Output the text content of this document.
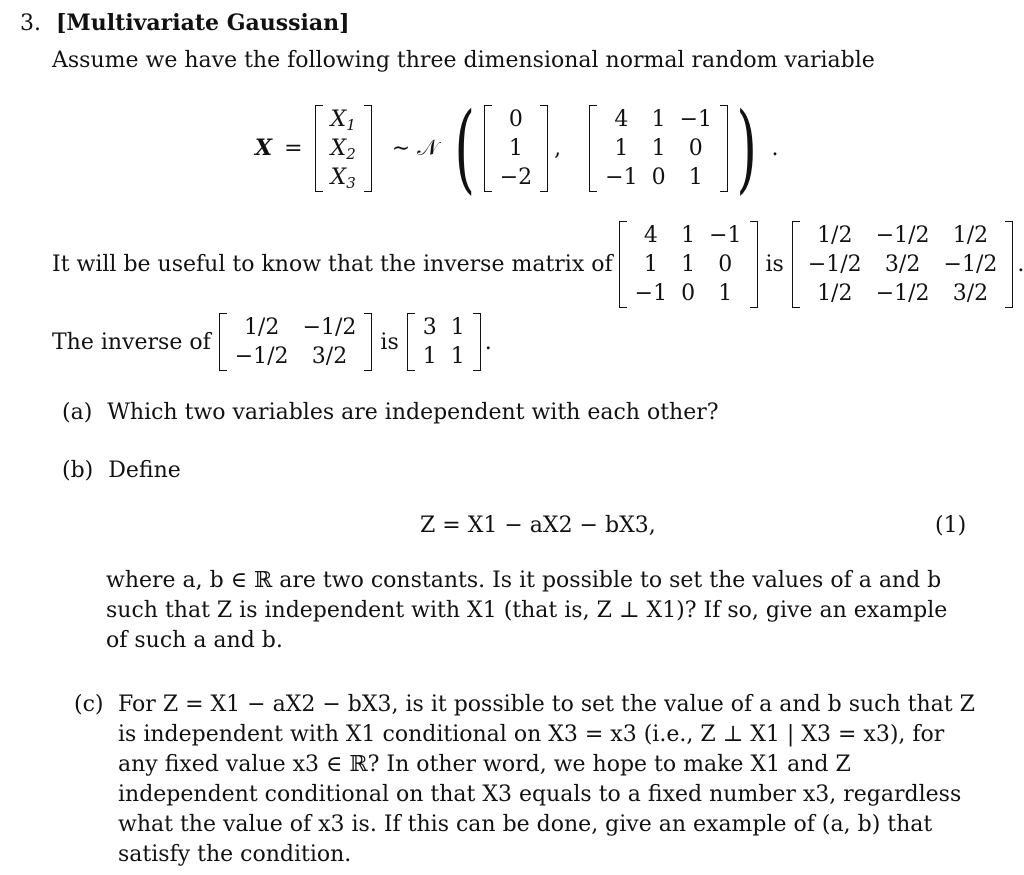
3. [Multivariate Gaussian]
Assume we have the following three dimensional normal random variable
X =
$X_1$
$X_2$
$X_3$
∼ 𝒩 ( 0
1
−2
,
4	1	−1
1	1	0
−1	0	1 ) .
It will be useful to know that the inverse matrix of
4	1	−1
1	1	0
−1	0	1
is
1/2	−1/2	1/2
−1/2	3/2	−1/2
1/2	−1/2	3/2
.
The inverse of
1/2	−1/2
−1/2	3/2
is
3	1
1	1
.
(a) Which two variables are independent with each other?
(b) Define
Z = X1 − aX2 − bX3,	(1)
where a, b ∈ ℝ are two constants. Is it possible to set the values of a and b such that Z is independent with X1 (that is, Z ⊥ X1)? If so, give an example of such a and b.
(c) For Z = X1 − aX2 − bX3, is it possible to set the value of a and b such that Z is independent with X1 conditional on X3 = x3 (i.e., Z ⊥ X1 | X3 = x3), for any fixed value x3 ∈ ℝ? In other word, we hope to make X1 and Z independent conditional on that X3 equals to a fixed number x3, regardless what the value of x3 is. If this can be done, give an example of (a, b) that satisfy the condition.
